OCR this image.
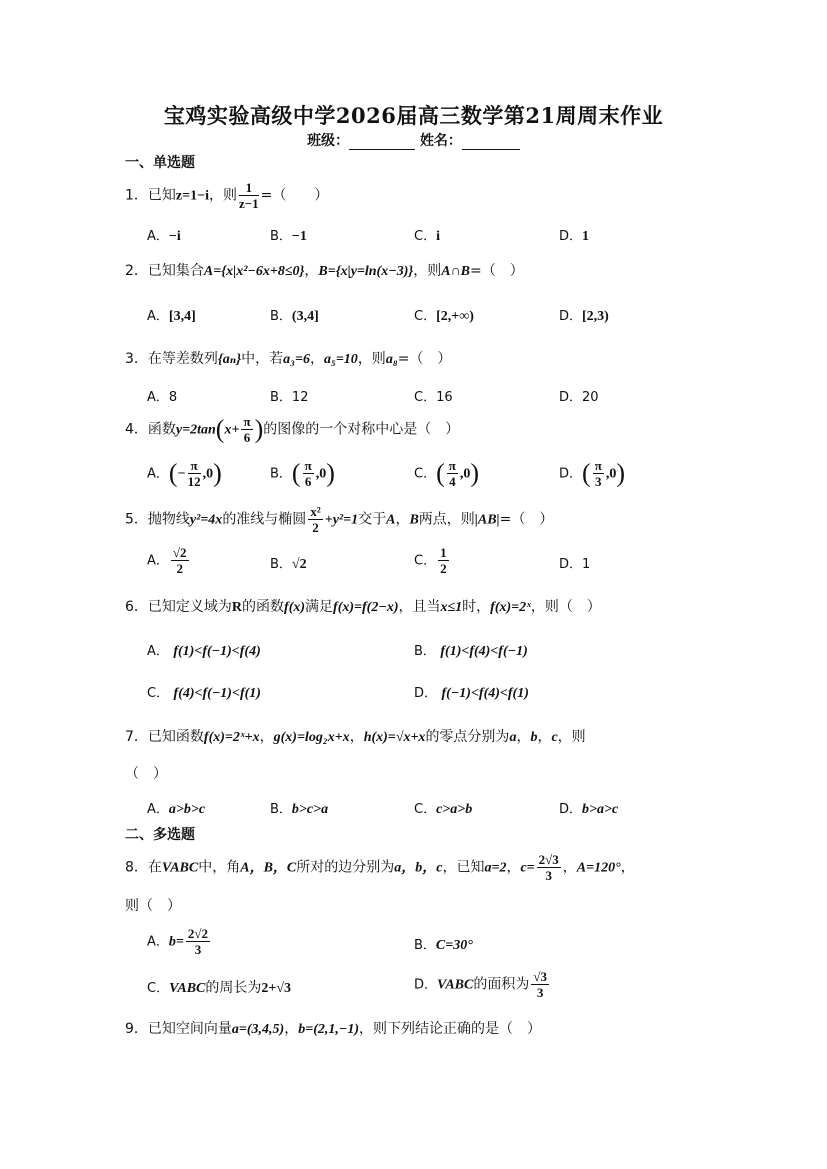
宝鸡实验高级中学2026届高三数学第21周周末作业
班级：	姓名：
一、单选题
1．已知z=1−i，则 $\frac{1}{z-1}$ =（　　）
A．−i	B．−1	C．i	D．1
2．已知集合A={x|x²−6x+8≤0}，B={x|y=ln(x−3)}，则A∩B=（　）
A．[3,4]	B．(3,4]	C．[2,+∞)	D．[2,3)
3．在等差数列{aₙ}中，若a₃=6，a₅=10，则a₈=（　）
A．8	B．12	C．16	D．20
4．函数$y=2\tan(x+ \frac{\pi}{6}$ )的图像的一个对称中心是（　）
A．(− $\frac{\pi}{12} ,0$)	B．( $\frac{\pi}{6} ,0$)	C．( $\frac{\pi}{4} ,0$)	D．( $\frac{\pi}{3} ,0$)
5．抛物线y²=4x的准线与椭圆 $\frac{\text{x²}}{2} +y^2=1$交于A，B两点，则|AB|=（　）
A． $\frac{√2}{2}$	B．√2	C． $\frac{1}{2}$	D．1
6．已知定义域为R的函数f(x)满足f(x)=f(2−x)，且当x≤1时，f(x)=2ˣ，则（　）
A． f(1)<f(−1)<f(4)	B． f(1)<f(4)<f(−1)
C． f(4)<f(−1)<f(1)	D． f(−1)<f(4)<f(1)
7．已知函数f(x)=2ˣ+x，g(x)=log₂x+x，h(x)=√x+x的零点分别为a，b，c，则
（　）
A．a>b>c	B．b>c>a	C．c>a>b	D．b>a>c
二、多选题
8．在VABC中，角A，B，C所对的边分别为a，b，c，已知a=2，$c= \frac{2√3}{3}$ ，A=120°，
则（　）
A．$b= \frac{2√2}{3}$	B．C=30°
C．VABC的周长为2+√3	D．VABC的面积为 $\frac{√3}{3}$
9．已知空间向量a=(3,4,5)，b=(2,1,−1)，则下列结论正确的是（　）
